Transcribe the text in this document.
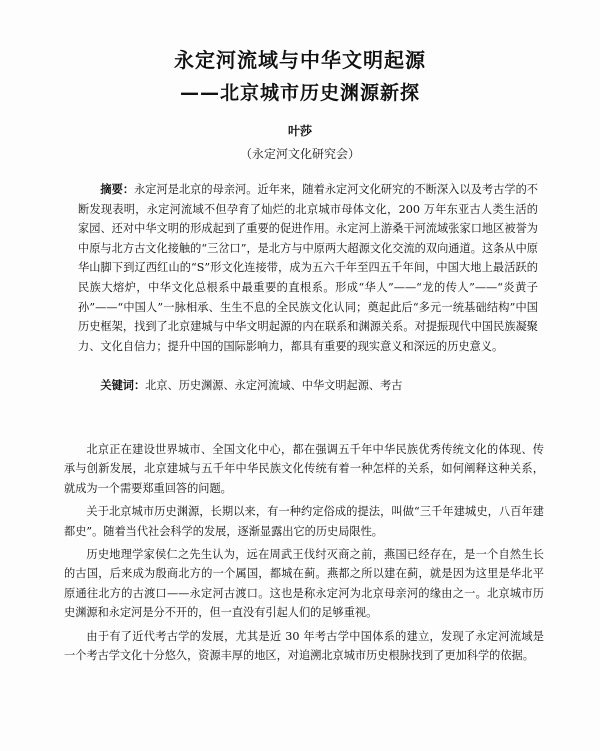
永定河流域与中华文明起源
——北京城市历史渊源新探
叶莎
（永定河文化研究会）
摘要：永定河是北京的母亲河。近年来，随着永定河文化研究的不断深入以及考古学的不断发现表明，永定河流域不但孕育了灿烂的北京城市母体文化，200 万年东亚古人类生活的家园、还对中华文明的形成起到了重要的促进作用。永定河上游桑干河流域张家口地区被誉为中原与北方古文化接触的“三岔口”，是北方与中原两大超源文化交流的双向通道。这条从中原华山脚下到辽西红山的“S”形文化连接带，成为五六千年至四五千年间，中国大地上最活跃的民族大熔炉，中华文化总根系中最重要的直根系。形成“华人”——“龙的传人”——“炎黄子孙”——“中国人”一脉相承、生生不息的全民族文化认同；奠起此后“多元一统基础结构”中国历史框架，找到了北京建城与中华文明起源的内在联系和渊源关系。对提振现代中国民族凝聚力、文化自信力；提升中国的国际影响力，都具有重要的现实意义和深远的历史意义。
关键词：北京、历史渊源、永定河流域、中华文明起源、考古

北京正在建设世界城市、全国文化中心，都在强调五千年中华民族优秀传统文化的体现、传承与创新发展，北京建城与五千年中华民族文化传统有着一种怎样的关系，如何阐释这种关系，就成为一个需要郑重回答的问题。

关于北京城市历史渊源，长期以来，有一种约定俗成的提法，叫做“三千年建城史，八百年建都史”。随着当代社会科学的发展，逐渐显露出它的历史局限性。

历史地理学家侯仁之先生认为，远在周武王伐纣灭商之前，燕国已经存在，是一个自然生长的古国，后来成为殷商北方的一个属国，都城在蓟。燕都之所以建在蓟，就是因为这里是华北平原通往北方的古渡口——永定河古渡口。这也是称永定河为北京母亲河的缘由之一。北京城市历史渊源和永定河是分不开的，但一直没有引起人们的足够重视。

由于有了近代考古学的发展，尤其是近 30 年考古学中国体系的建立，发现了永定河流域是一个考古学文化十分悠久，资源丰厚的地区，对追溯北京城市历史根脉找到了更加科学的依据。
